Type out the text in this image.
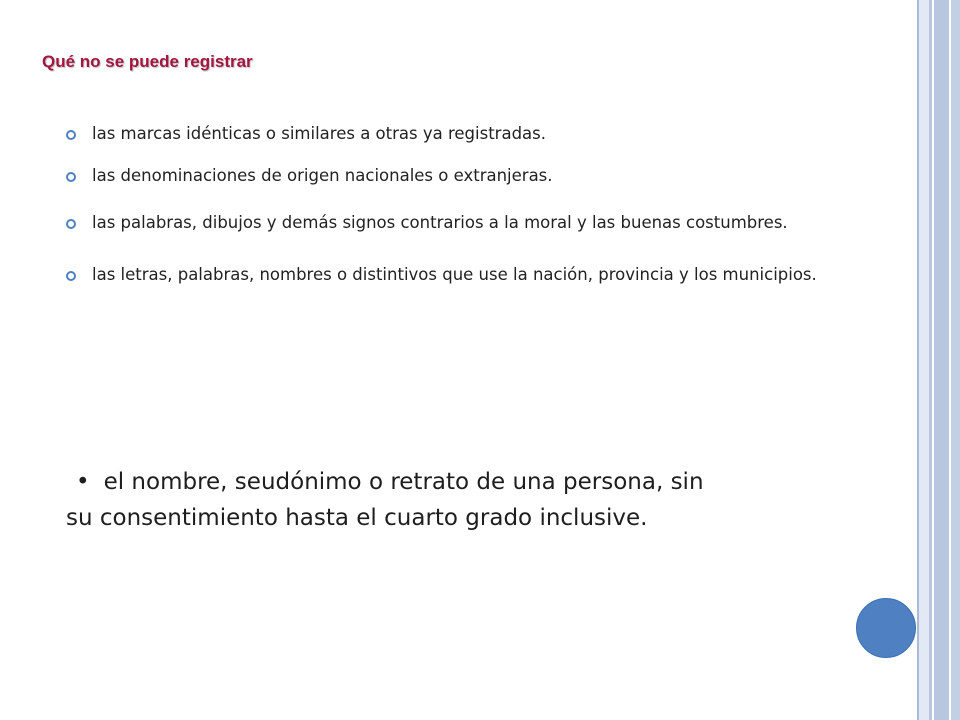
Qué no se puede registrar
las marcas idénticas o similares a otras ya registradas.
las denominaciones de origen nacionales o extranjeras.
las palabras, dibujos y demás signos contrarios a la moral y las buenas costumbres.
las letras, palabras, nombres o distintivos que use la nación, provincia y los municipios.

• el nombre, seudónimo o retrato de una persona, sin su consentimiento hasta el cuarto grado inclusive.
